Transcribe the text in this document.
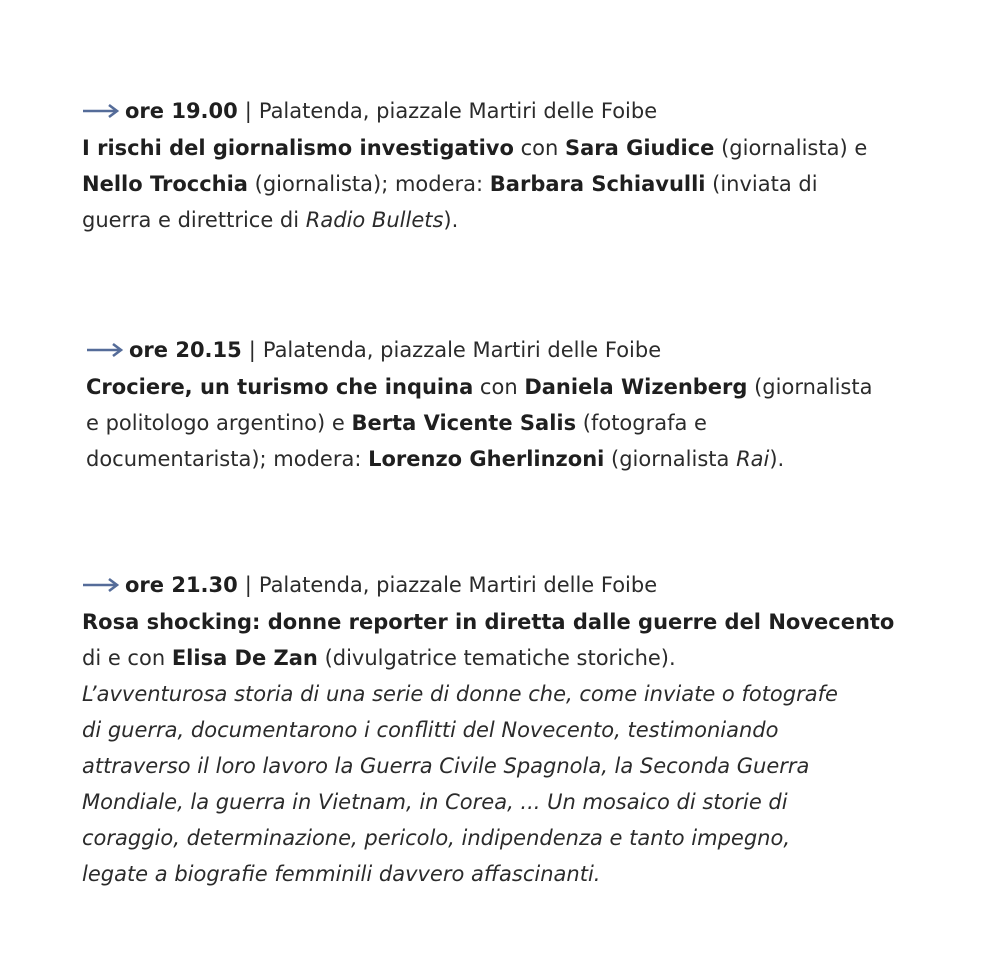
ore 19.00 | Palatenda, piazzale Martiri delle Foibe
I rischi del giornalismo investigativo con Sara Giudice (giornalista) e
Nello Trocchia (giornalista); modera: Barbara Schiavulli (inviata di
guerra e direttrice di Radio Bullets).
ore 20.15 | Palatenda, piazzale Martiri delle Foibe
Crociere, un turismo che inquina con Daniela Wizenberg (giornalista
e politologo argentino) e Berta Vicente Salis (fotografa e
documentarista); modera: Lorenzo Gherlinzoni (giornalista Rai).
ore 21.30 | Palatenda, piazzale Martiri delle Foibe
Rosa shocking: donne reporter in diretta dalle guerre del Novecento
di e con Elisa De Zan (divulgatrice tematiche storiche).
L’avventurosa storia di una serie di donne che, come inviate o fotografe
di guerra, documentarono i conflitti del Novecento, testimoniando
attraverso il loro lavoro la Guerra Civile Spagnola, la Seconda Guerra
Mondiale, la guerra in Vietnam, in Corea, ... Un mosaico di storie di
coraggio, determinazione, pericolo, indipendenza e tanto impegno,
legate a biografie femminili davvero affascinanti.
